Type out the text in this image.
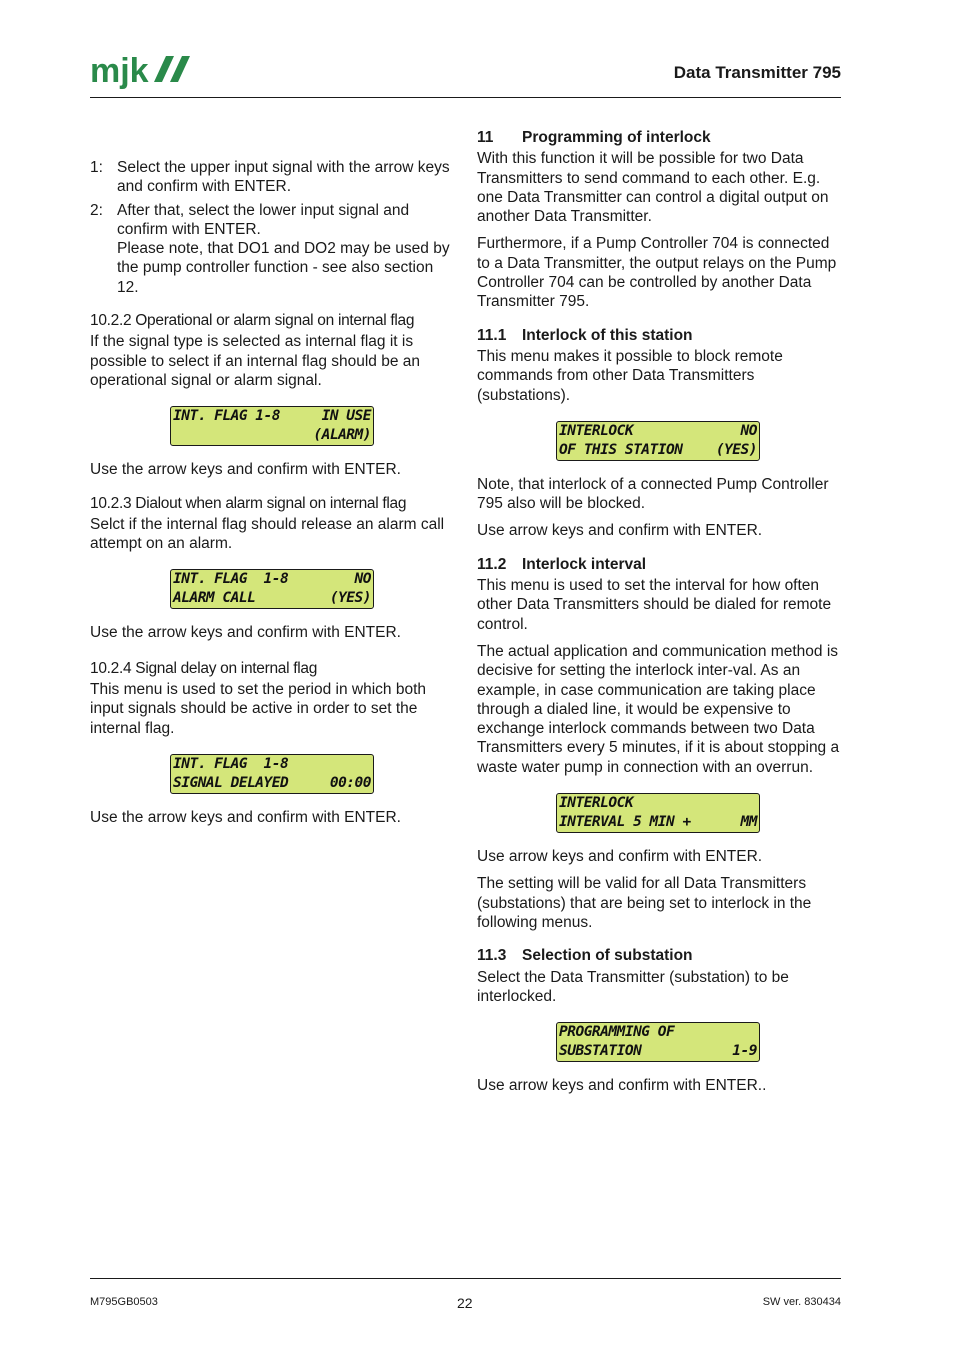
mjk	Data Transmitter 795
1: Select the upper input signal with the arrow keys and confirm with ENTER.
2: After that, select the lower input signal and confirm with ENTER.
Please note, that DO1 and DO2 may be used by the pump controller function - see also section 12.
10.2.2 Operational or alarm signal on internal flag
If the signal type is selected as internal flag it is possible to select if an internal flag should be an operational signal or alarm signal.
INT. FLAG 1-8	IN USE
(ALARM)
Use the arrow keys and confirm with ENTER.
10.2.3 Dialout when alarm signal on internal flag
Selct if the internal flag should release an alarm call attempt on an alarm.
INT. FLAG  1-8	NO
ALARM CALL	(YES)
Use the arrow keys and confirm with ENTER.
10.2.4 Signal delay on internal flag
This menu is used to set the period in which both input signals should be active in order to set the internal flag.
INT. FLAG  1-8
SIGNAL DELAYED	00:00
Use the arrow keys and confirm with ENTER.
11 Programming of interlock
With this function it will be possible for two Data Transmitters to send command to each other. E.g. one Data Transmitter can control a digital output on another Data Transmitter.
Furthermore, if a Pump Controller 704 is connected to a Data Transmitter, the output relays on the Pump Controller 704 can be controlled by another Data Transmitter 795.
11.1 Interlock of this station
This menu makes it possible to block remote commands from other Data Transmitters (substations).
INTERLOCK	NO
OF THIS STATION (YES)
Note, that interlock of a connected Pump Controller 795 also will be blocked.
Use arrow keys and confirm with ENTER.
11.2 Interlock interval
This menu is used to set the interval for how often other Data Transmitters should be dialed for remote control.
The actual application and communication method is decisive for setting the interlock inter-val. As an example, in case communication are taking place through a dialed line, it would be expensive to exchange interlock commands between two Data Transmitters every 5 minutes, if it is about stopping a waste water pump in connection with an overrun.
INTERLOCK
INTERVAL 5 MIN +	MM
Use arrow keys and confirm with ENTER.
The setting will be valid for all Data Transmitters (substations) that are being set to interlock in the following menus.
11.3 Selection of substation
Select the Data Transmitter (substation) to be interlocked.
PROGRAMMING OF
SUBSTATION	1-9
Use arrow keys and confirm with ENTER..
M795GB0503	22	SW ver. 830434
